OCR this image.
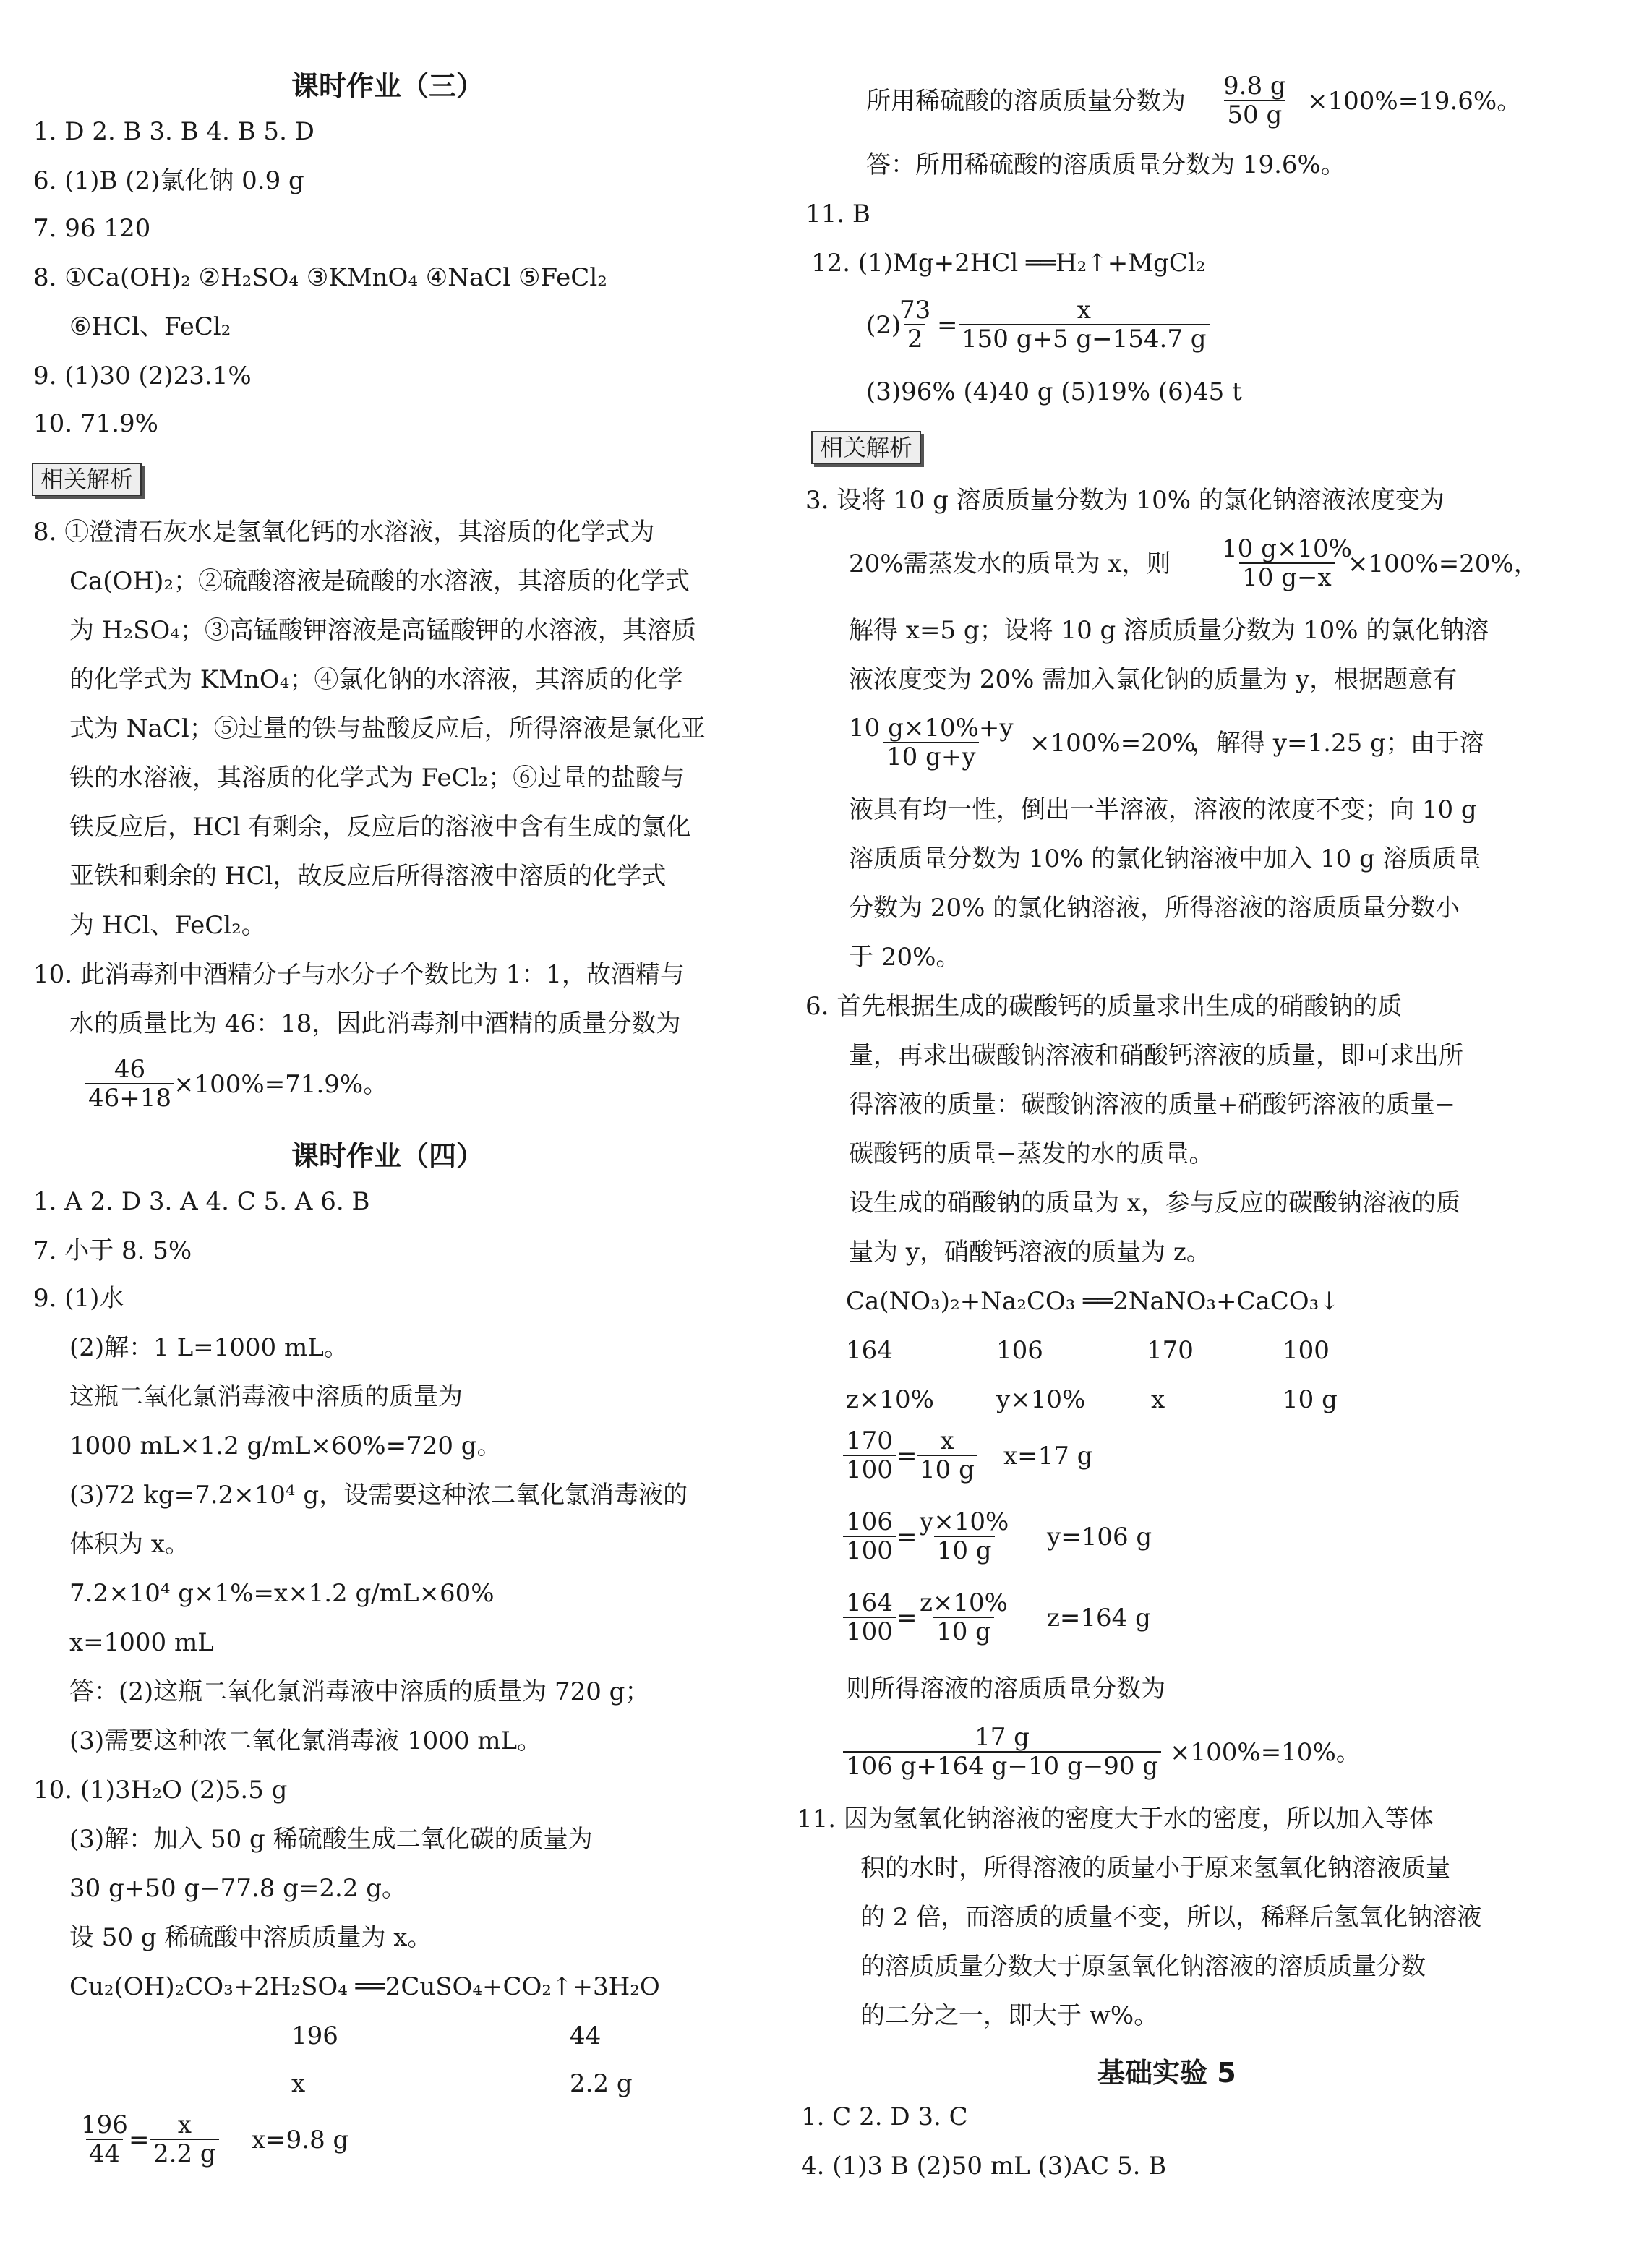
课时作业（三）
1. D 2. B 3. B 4. B 5. D
6. (1)B (2)氯化钠 0.9 g
7. 96 120
8. ①Ca(OH)₂ ②H₂SO₄ ③KMnO₄ ④NaCl ⑤FeCl₂
⑥HCl、FeCl₂
9. (1)30 (2)23.1%
10. 71.9%
相关解析
8. ①澄清石灰水是氢氧化钙的水溶液，其溶质的化学式为
Ca(OH)₂；②硫酸溶液是硫酸的水溶液，其溶质的化学式
为 H₂SO₄；③高锰酸钾溶液是高锰酸钾的水溶液，其溶质
的化学式为 KMnO₄；④氯化钠的水溶液，其溶质的化学
式为 NaCl；⑤过量的铁与盐酸反应后，所得溶液是氯化亚
铁的水溶液，其溶质的化学式为 FeCl₂；⑥过量的盐酸与
铁反应后，HCl 有剩余，反应后的溶液中含有生成的氯化
亚铁和剩余的 HCl，故反应后所得溶液中溶质的化学式
为 HCl、FeCl₂。
10. 此消毒剂中酒精分子与水分子个数比为 1：1，故酒精与
水的质量比为 46：18，因此消毒剂中酒精的质量分数为
$\frac{46}{46+18}$
×100%=71.9%。
课时作业（四）
1. A 2. D 3. A 4. C 5. A 6. B
7. 小于 8. 5%
9. (1)水
(2)解：1 L=1000 mL。
这瓶二氧化氯消毒液中溶质的质量为
1000 mL×1.2 g/mL×60%=720 g。
(3)72 kg=7.2×10⁴ g，设需要这种浓二氧化氯消毒液的
体积为 x。
7.2×10⁴ g×1%=x×1.2 g/mL×60%
x=1000 mL
答：(2)这瓶二氧化氯消毒液中溶质的质量为 720 g；
(3)需要这种浓二氧化氯消毒液 1000 mL。
10. (1)3H₂O (2)5.5 g
(3)解：加入 50 g 稀硫酸生成二氧化碳的质量为
30 g+50 g−77.8 g=2.2 g。
设 50 g 稀硫酸中溶质质量为 x。
Cu₂(OH)₂CO₃+2H₂SO₄ ══2CuSO₄+CO₂↑+3H₂O
196	44
x	2.2 g
$\frac{196}{44}$
= $\frac{x}{2.2 g} x=9.8$ g
所用稀硫酸的溶质质量分数为 $\frac{9.8 g}{50 g} \times 100\%=19.6\%$。
答：所用稀硫酸的溶质质量分数为 19.6%。
11. B
12. (1)Mg+2HCl ══H₂↑+MgCl₂
(2)
$\frac{73}{2} = \frac{x}{150 g+5 g-154.7 g}$
(3)96% (4)40 g (5)19% (6)45 t
相关解析
3. 设将 10 g 溶质质量分数为 10% 的氯化钠溶液浓度变为
20%需蒸发水的质量为 x，则 $\frac{10 g\times 10\%}{10 g-x}$
×100%=20%，
解得 x=5 g；设将 10 g 溶质质量分数为 10% 的氯化钠溶
液浓度变为 20% 需加入氯化钠的质量为 y，根据题意有
$\frac{10 g\times 10\%+y}{10 g+y} \times 100\%=20\%$
，解得 y=1.25 g；由于溶
液具有均一性，倒出一半溶液，溶液的浓度不变；向 10 g
溶质质量分数为 10% 的氯化钠溶液中加入 10 g 溶质质量
分数为 20% 的氯化钠溶液，所得溶液的溶质质量分数小
于 20%。
6. 首先根据生成的碳酸钙的质量求出生成的硝酸钠的质
量，再求出碳酸钠溶液和硝酸钙溶液的质量，即可求出所
得溶液的质量：碳酸钠溶液的质量+硝酸钙溶液的质量−
碳酸钙的质量−蒸发的水的质量。
设生成的硝酸钠的质量为 x，参与反应的碳酸钠溶液的质
量为 y，硝酸钙溶液的质量为 z。
Ca(NO₃)₂+Na₂CO₃ ══2NaNO₃+CaCO₃↓
164	106	170	100
z×10%	y×10%	x	10 g
$\frac{170}{100} = \frac{x}{10 g} x=17$ g
$\frac{106}{100} = \frac{y\times 10\%}{10 g} y=106$ g
$\frac{164}{100} = \frac{z\times 10\%}{10 g} z=164$ g
则所得溶液的溶质质量分数为
$\frac{17 g}{106 g+164 g-10 g-90 g} \times 100\%=10\%$。
11. 因为氢氧化钠溶液的密度大于水的密度，所以加入等体
积的水时，所得溶液的质量小于原来氢氧化钠溶液质量
的 2 倍，而溶质的质量不变，所以，稀释后氢氧化钠溶液
的溶质质量分数大于原氢氧化钠溶液的溶质质量分数
的二分之一，即大于 w%。
基础实验 5
1. C 2. D 3. C
4. (1)3 B (2)50 mL (3)AC 5. B
